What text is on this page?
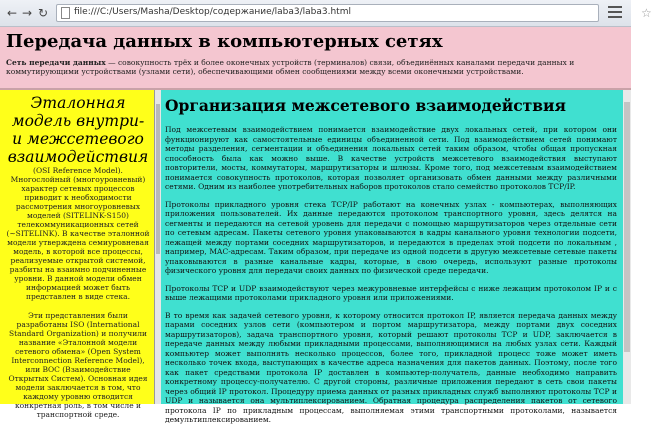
← → ↻	file:///C:/Users/Masha/Desktop/содержание/laba3/laba3.html	☆
Передача данных в компьютерных сетях

Сеть передачи данных — совокупность трёх и более оконечных устройств (терминалов) связи, объединённых каналами передачи данных и коммутирующими устройствами (узлами сети), обеспечивающими обмен сообщениями между всеми оконечными устройствами.

Эталонная модель внутри- и межсетевого взаимодействия

(OSI Reference Model). Многослойный (многоуровневый) характер сетевых процессов приводит к необходимости рассмотрения многоуровневых моделей (SITELINK-S150) телекоммуникационных сетей (~SITELINK). В качестве эталонной модели утверждена семиуровневая модель, в которой все процессы, реализуемые открытой системой, разбиты на взаимно подчиненные уровни. В данной модели обмен информацией может быть представлен в виде стека.

Эти представления были разработаны ISO (International Standard Organization) и получили название «Эталонной модели сетевого обмена» (Open System Interconnection Reference Model), или ВОС (Взаимодействие Открытых Систем). Основная идея модели заключается в том, что каждому уровню отводится конкретная роль, в том числе и транспортной среде.

Организация межсетевого взаимодействия

Под межсетевым взаимодействием понимается взаимодействие двух локальных сетей, при котором они функционируют как самостоятельные единицы объединенной сети. Под взаимодействием сетей понимают методы разделения, сегментации и объединения локальных сетей таким образом, чтобы общая пропускная способность была как можно выше. В качестве устройств межсетевого взаимодействия выступают повторители, мосты, коммутаторы, маршрутизаторы и шлюзы. Кроме того, под межсетевым взаимодействием понимается совокупность протоколов, которая позволяет организовать обмен данными между различными сетями. Одним из наиболее употребительных наборов протоколов стало семейство протоколов TCP/IP.

Протоколы прикладного уровня стека TCP/IP работают на конечных узлах - компьютерах, выполняющих приложения пользователей. Их данные передаются протоколом транспортного уровня, здесь делятся на сегменты и передаются на сетевой уровень для передачи с помощью маршрутизаторов через отдельные сети по сетевым адресам. Пакеты сетевого уровня упаковываются в кадры канального уровня технологии подсети, лежащей между портами соседних маршрутизаторов, и передаются в пределах этой подсети по локальным , например, MAC-адресам. Таким образом, при передаче из одной подсети в другую межсетевые сетевые пакеты упаковываются в разные канальные кадры, которые, в свою очередь, используют разные протоколы физического уровня для передачи своих данных по физической среде передачи.

Протоколы TCP и UDP взаимодействуют через межуровневые интерфейсы с ниже лежащим протоколом IP и с выше лежащими протоколами прикладного уровня или приложениями.

В то время как задачей сетевого уровня, к которому относится протокол IP, является передача данных между парами соседних узлов сети (компьютером и портом маршрутизатора, между портами двух соседних маршрутизаторов), задача транспортного уровня, который решают протоколы TCP и UDP, заключается в передаче данных между любыми прикладными процессами, выполняющимися на любых узлах сети. Каждый компьютер может выполнять несколько процессов, более того, прикладной процесс тоже может иметь несколько точек входа, выступающих в качестве адреса назначения для пакетов данных. Поэтому, после того как пакет средствами протокола IP доставлен в компьютер-получатель, данные необходимо направить конкретному процессу-получателю. С другой стороны, различные приложения передают в сеть свои пакеты через общий IP протокол. Процедуру приема данных от разных прикладных служб выполняют протоколы TCP и UDP и называется она мультиплексированием. Обратная процедура распределения пакетов от сетевого протокола IP по прикладным процессам, выполняемая этими транспортными протоколами, называется демультиплексированием.
